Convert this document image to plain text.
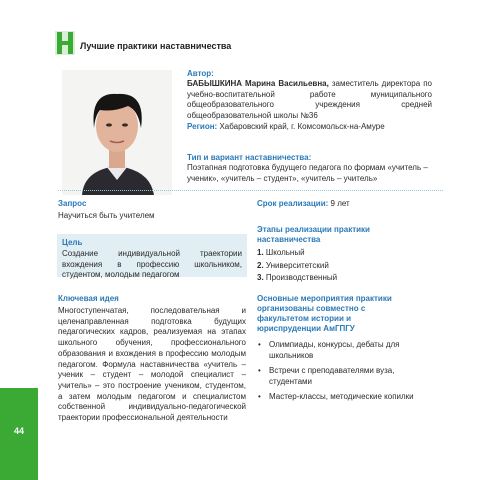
Лучшие практики наставничества
Автор:
БАБЫШКИНА Марина Васильевна, заместитель директора по учебно-воспитательной работе муниципального общеобразовательного учреждения средней общеобразовательной школы №36
Регион: Хабаровский край, г. Комсомольск-на-Амуре
Тип и вариант наставничества:
Поэтапная подготовка будущего педагога по формам «учитель – ученик», «учитель – студент», «учитель – учитель»
Запрос
Научиться быть учителем
Срок реализации: 9 лет
Цель
Создание индивидуальной траектории вхождения в профессию школьником, студентом, молодым педагогом
Этапы реализации практики наставничества
1. Школьный
2. Университетский
3. Производственный
Ключевая идея
Многоступенчатая, последовательная и целенаправленная подготовка будущих педагогических кадров, реализуемая на этапах школьного обучения, профессионального образования и вхождения в профессию молодым педагогом. Формула наставничества «учитель – ученик – студент – молодой специалист – учитель» – это построение учеником, студентом, а затем молодым педагогом и специалистом собственной индивидуально-педагогической траектории профессиональной деятельности
Основные мероприятия практики организованы совместно с факультетом истории и юриспруденции АмГПГУ
• Олимпиады, конкурсы, дебаты для школьников
• Встречи с преподавателями вуза, студентами
• Мастер-классы, методические копилки
44
